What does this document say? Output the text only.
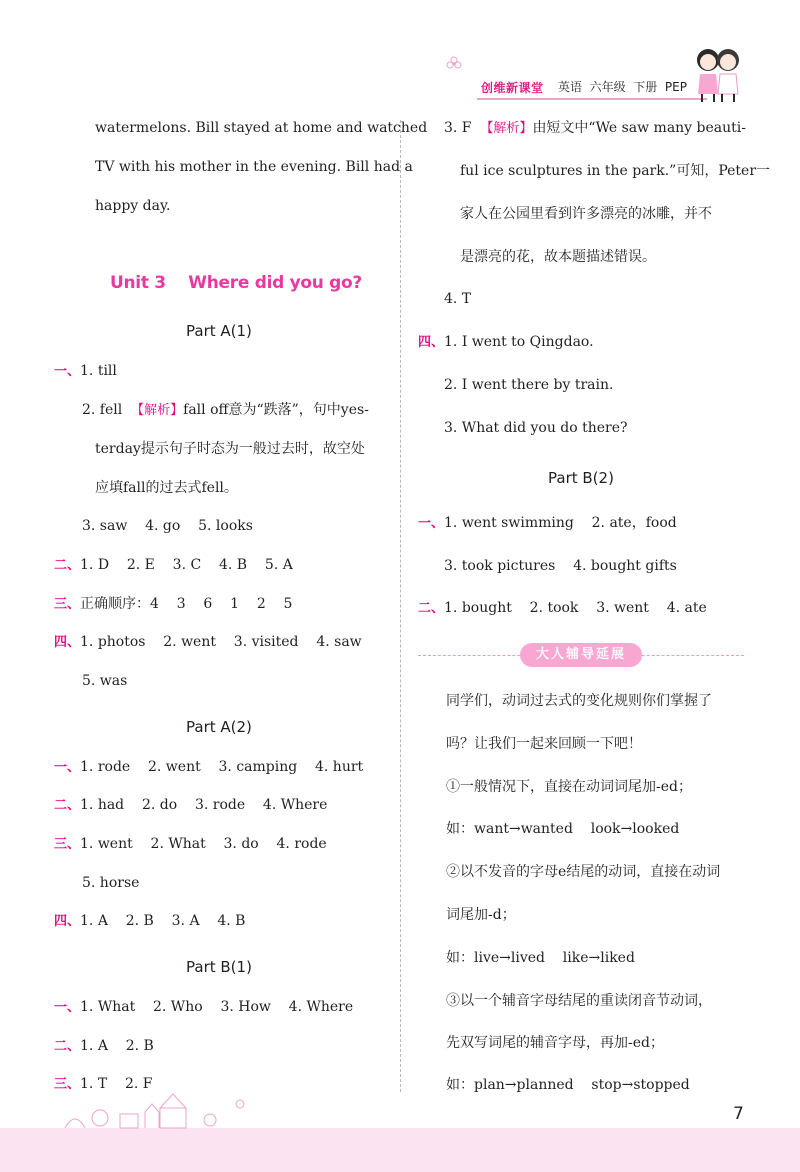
创维新课堂 英语  六年级  下册  PEP
watermelons. Bill stayed at home and watched
TV with his mother in the evening. Bill had a
happy day.
Unit 3    Where did you go?
Part A(1)
一、1. till
2. fell  【解析】fall off意为“跌落”，句中yes-
terday提示句子时态为一般过去时，故空处
应填fall的过去式fell。
3. saw    4. go    5. looks
二、1. D    2. E    3. C    4. B    5. A
三、正确顺序：4    3    6    1    2    5
四、1. photos    2. went    3. visited    4. saw
5. was
Part A(2)
一、1. rode    2. went    3. camping    4. hurt
二、1. had    2. do    3. rode    4. Where
三、1. went    2. What    3. do    4. rode
5. horse
四、1. A    2. B    3. A    4. B
Part B(1)
一、1. What    2. Who    3. How    4. Where
二、1. A    2. B
三、1. T    2. F
3. F  【解析】由短文中“We saw many beauti-
ful ice sculptures in the park.”可知，Peter一
家人在公园里看到许多漂亮的冰雕，并不
是漂亮的花，故本题描述错误。
4. T
四、1. I went to Qingdao.
2. I went there by train.
3. What did you do there?
Part B(2)
一、1. went swimming    2. ate，food
3. took pictures    4. bought gifts
二、1. bought    2. took    3. went    4. ate
大人辅导延展
同学们，动词过去式的变化规则你们掌握了
吗？让我们一起来回顾一下吧！
①一般情况下，直接在动词词尾加-ed；
如：want→wanted    look→looked
②以不发音的字母e结尾的动词，直接在动词
词尾加-d；
如：live→lived    like→liked
③以一个辅音字母结尾的重读闭音节动词，
先双写词尾的辅音字母，再加-ed；
如：plan→planned    stop→stopped
7
